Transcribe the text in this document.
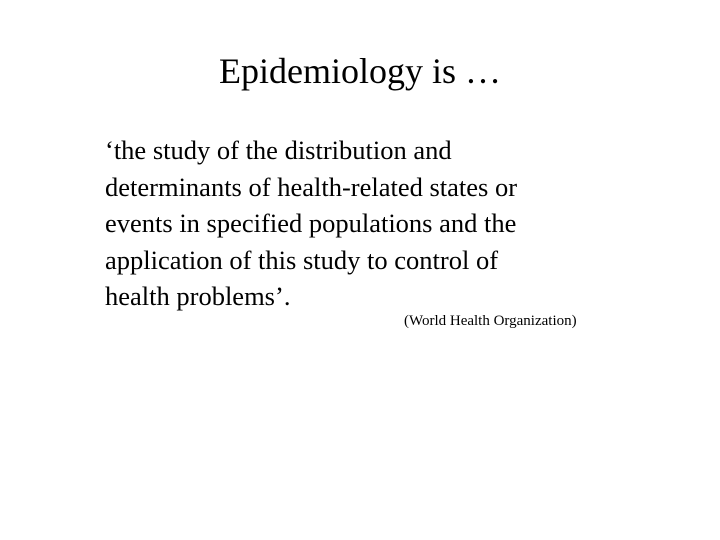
Epidemiology is …

‘the study of the distribution and
determinants of health-related states or
events in specified populations and the
application of this study to control of
health problems’.

(World Health Organization)
